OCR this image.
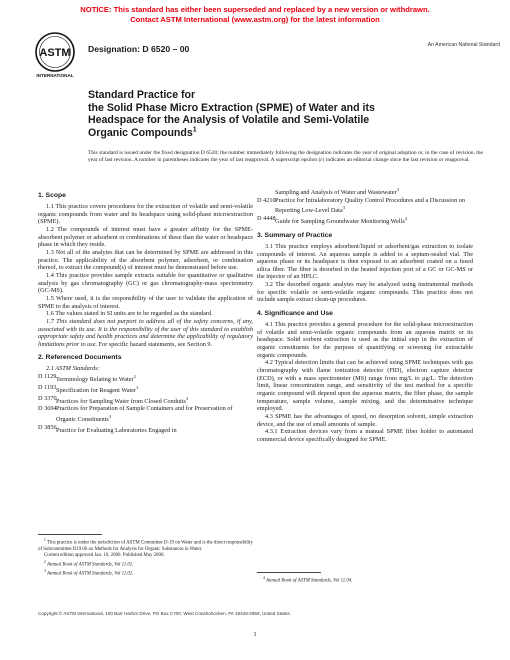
NOTICE: This standard has either been superseded and replaced by a new version or withdrawn.
Contact ASTM International (www.astm.org) for the latest information
ASTM
INTERNATIONAL
Designation: D 6520 – 00	An American National Standard
Standard Practice for
the Solid Phase Micro Extraction (SPME) of Water and its
Headspace for the Analysis of Volatile and Semi-Volatile
Organic Compounds$^1$
This standard is issued under the fixed designation D 6520; the number immediately following the designation indicates the year of original adoption or, in the case of revision, the year of last revision. A number in parentheses indicates the year of last reapproval. A superscript epsilon (ε) indicates an editorial change since the last revision or reapproval.
1. Scope

1.1 This practice covers procedures for the extraction of volatile and semi-volatile organic compounds from water and its headspace using solid-phase microextraction (SPME).

1.2 The compounds of interest must have a greater affinity for the SPME-absorbent polymer or adsorbent or combinations of these than the water or headspace phase in which they reside.

1.3 Not all of the analytes that can be determined by SPME are addressed in this practice. The applicability of the absorbent polymer, adsorbent, or combination thereof, to extract the compound(s) of interest must be demonstrated before use.

1.4 This practice provides sample extracts suitable for quantitative or qualitative analysis by gas chromatography (GC) or gas chromatography-mass spectrometry (GC-MS).

1.5 Where used, it is the responsibility of the user to validate the application of SPME to the analysis of interest.

1.6 The values stated in SI units are to be regarded as the standard.

1.7 This standard does not purport to address all of the safety concerns, if any, associated with its use. It is the responsibility of the user of this standard to establish appropriate safety and health practices and determine the applicability of regulatory limitations prior to use. For specific hazard statements, see Section 9.

2. Referenced Documents

2.1 ASTM Standards:

D 1129 Terminology Relating to Water$^2$

D 1193 Specification for Reagent Water$^3$

D 3370 Practices for Sampling Water from Closed Conduits$^3$

D 3694 Practices for Preparation of Sample Containers and for Preservation of Organic Constituents$^3$

D 3856 Practice for Evaluating Laboratories Engaged in

Sampling and Analysis of Water and Wastewater$^3$

D 4210 Practice for Intralaboratory Quality Control Procedures and a Discussion on Reporting Low-Level Data$^3$

D 4448 Guide for Sampling Groundwater Monitoring Wells$^4$

3. Summary of Practice

3.1 This practice employs adsorbent/liquid or adsorbent/gas extraction to isolate compounds of interest. An aqueous sample is added to a septum-sealed vial. The aqueous phase or its headspace is then exposed to an adsorbent coated on a fused silica fiber. The fiber is desorbed in the heated injection port of a GC or GC-MS or the injector of an HPLC.

3.2 The desorbed organic analytes may be analyzed using instrumental methods for specific volatile or semi-volatile organic compounds. This practice does not include sample extract clean-up procedures.

4. Significance and Use

4.1 This practice provides a general procedure for the solid-phase microextraction of volatile and semi-volatile organic compounds from an aqueous matrix or its headspace. Solid sorbent extraction is used as the initial step in the extraction of organic constituents for the purpose of quantifying or screening for extractable organic compounds.

4.2 Typical detection limits that can be achieved using SPME techniques with gas chromatography with flame ionization detector (FID), electron capture detector (ECD), or with a mass spectrometer (MS) range from mg/L to µg/L. The detection limit, linear concentration range, and sensitivity of the test method for a specific organic compound will depend upon the aqueous matrix, the fiber phase, the sample temperature, sample volume, sample mixing, and the determinative technique employed.

4.3 SPME has the advantages of speed, no desorption solvent, simple extraction device, and the use of small amounts of sample.

4.3.1 Extraction devices vary from a manual SPME fiber holder to automated commercial device specifically designed for SPME.

$^1$ This practice is under the jurisdiction of ASTM Committee D-19 on Water and is the direct responsibility of Subcommittee D19.06 on Methods for Analysis for Organic Substances in Water.

Current edition approved Jan. 10, 2000. Published May 2000.

$^2$ Annual Book of ASTM Standards, Vol 11.01.

$^3$ Annual Book of ASTM Standards, Vol 11.02.

$^4$ Annual Book of ASTM Standards, Vol 11.04.

Copyright © ASTM International, 100 Barr Harbor Drive, PO Box C700, West Conshohocken, PA 19428-2959, United States.
1
